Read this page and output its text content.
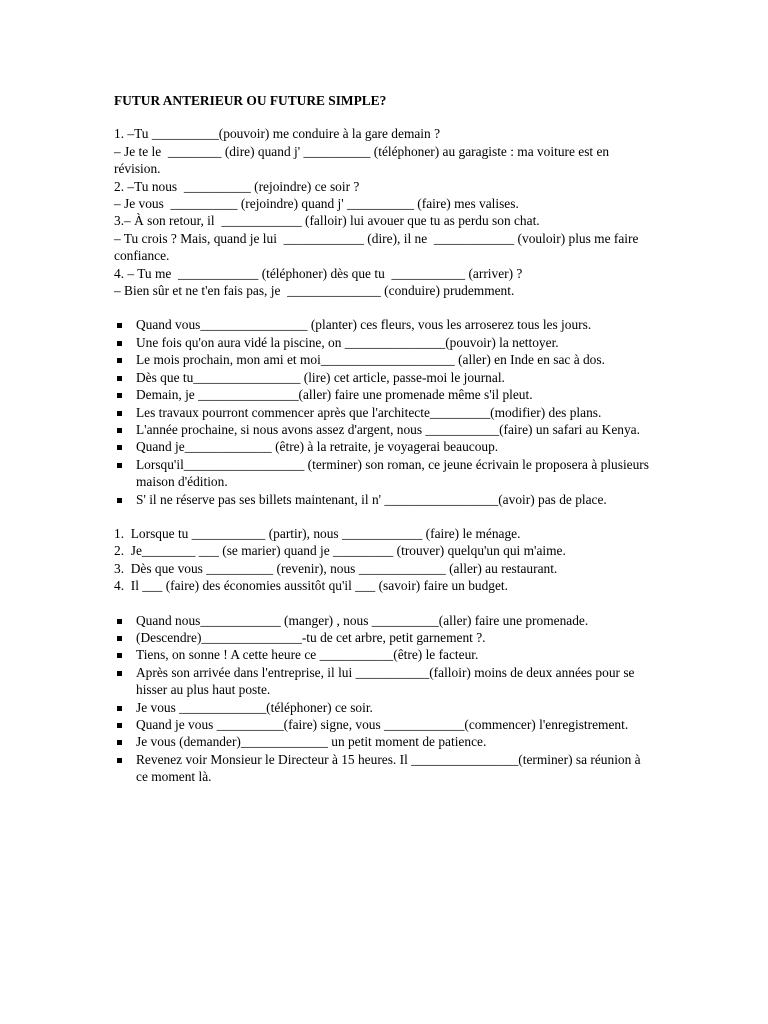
FUTUR ANTERIEUR OU FUTURE SIMPLE?
1. –Tu __________(pouvoir) me conduire à la gare demain ?
– Je te le  ________ (dire) quand j' __________ (téléphoner) au garagiste : ma voiture est en révision.
2. –Tu nous  __________ (rejoindre) ce soir ?
– Je vous  __________ (rejoindre) quand j' __________ (faire) mes valises.
3.– À son retour, il  ____________ (falloir) lui avouer que tu as perdu son chat.
– Tu crois ? Mais, quand je lui  ____________ (dire), il ne  ____________ (vouloir) plus me faire confiance.
4. – Tu me  ____________ (téléphoner) dès que tu  ___________ (arriver) ?
– Bien sûr et ne t'en fais pas, je  ______________ (conduire) prudemment.
Quand vous________________ (planter) ces fleurs, vous les arroserez tous les jours.
Une fois qu'on aura vidé la piscine, on _______________(pouvoir) la nettoyer.
Le mois prochain, mon ami et moi____________________ (aller) en Inde en sac à dos.
Dès que tu________________ (lire) cet article, passe-moi le journal.
Demain, je _______________(aller) faire une promenade même s'il pleut.
Les travaux pourront commencer après que l'architecte_________(modifier) des plans.
L'année prochaine, si nous avons assez d'argent, nous ___________(faire) un safari au Kenya.
Quand je_____________ (être) à la retraite, je voyagerai beaucoup.
Lorsqu'il__________________ (terminer) son roman, ce jeune écrivain le proposera à plusieurs maison d'édition.
S' il ne réserve pas ses billets maintenant, il n' _________________(avoir) pas de place.
1.  Lorsque tu ___________ (partir), nous ____________ (faire) le ménage.
2.  Je________ ___ (se marier) quand je _________ (trouver) quelqu'un qui m'aime.
3.  Dès que vous __________ (revenir), nous _____________ (aller) au restaurant.
4.  Il ___ (faire) des économies aussitôt qu'il ___ (savoir) faire un budget.
Quand nous____________ (manger) , nous __________(aller) faire une promenade.
(Descendre)_______________-tu de cet arbre, petit garnement ?.
Tiens, on sonne ! A cette heure ce ___________(être) le facteur.
Après son arrivée dans l'entreprise, il lui ___________(falloir) moins de deux années pour se hisser au plus haut poste.
Je vous _____________(téléphoner) ce soir.
Quand je vous __________(faire) signe, vous ____________(commencer) l'enregistrement.
Je vous (demander)_____________ un petit moment de patience.
Revenez voir Monsieur le Directeur à 15 heures. Il ________________(terminer) sa réunion à ce moment là.
